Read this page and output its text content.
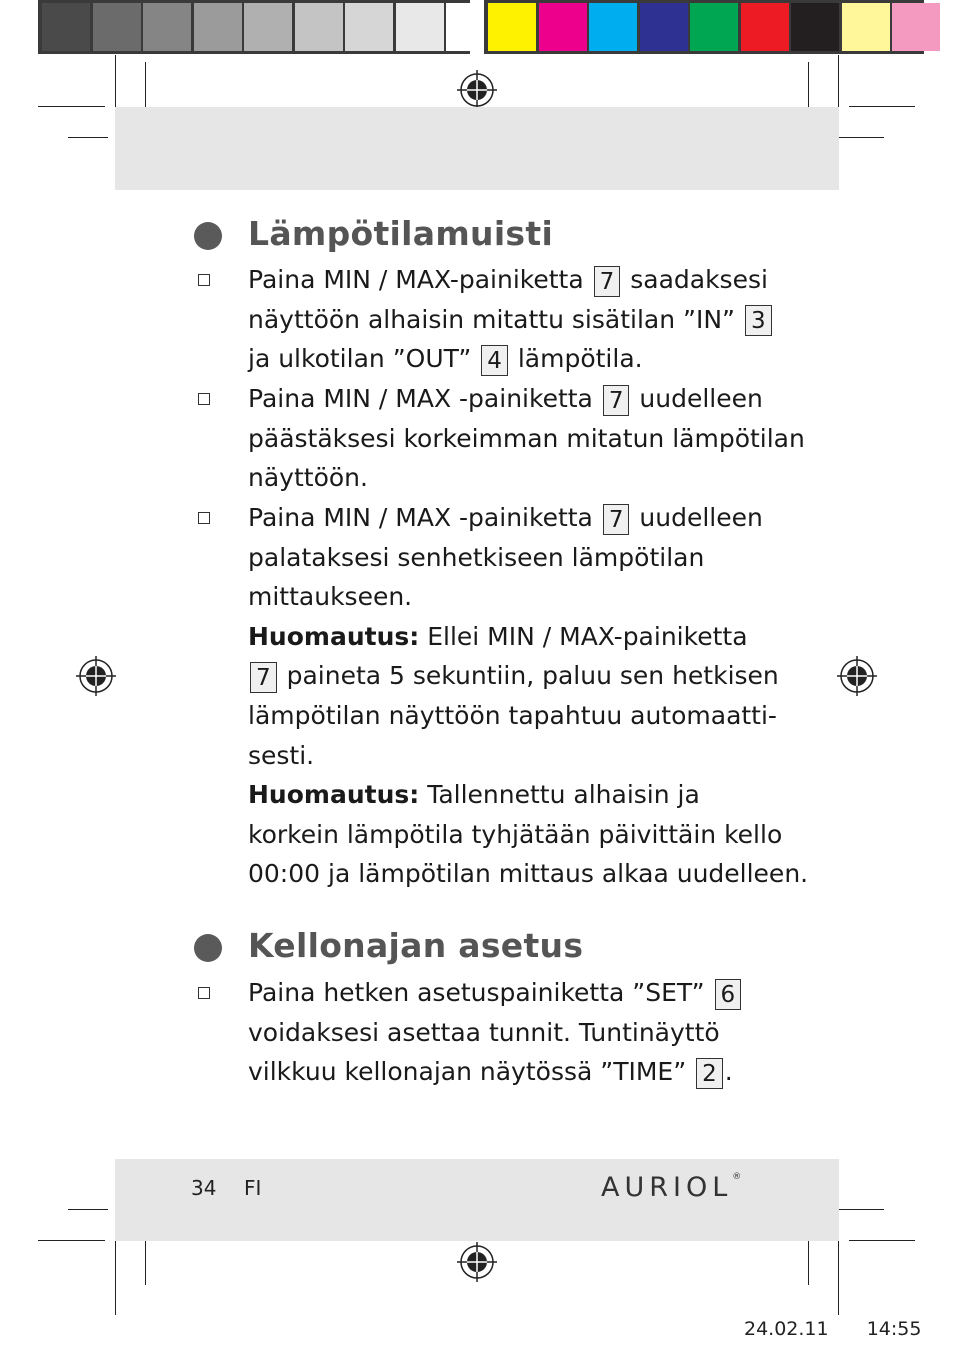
Lämpötilamuisti
Paina MIN / MAX-painiketta 7 saadaksesi
näyttöön alhaisin mitattu sisätilan ”IN” 3
ja ulkotilan ”OUT” 4 lämpötila.
Paina MIN / MAX -painiketta 7 uudelleen
päästäksesi korkeimman mitatun lämpötilan
näyttöön.
Paina MIN / MAX -painiketta 7 uudelleen
palataksesi senhetkiseen lämpötilan
mittaukseen.
Huomautus: Ellei MIN / MAX-painiketta
7 paineta 5 sekuntiin, paluu sen hetkisen
lämpötilan näyttöön tapahtuu automaatti-
sesti.
Huomautus: Tallennettu alhaisin ja
korkein lämpötila tyhjätään päivittäin kello
00:00 ja lämpötilan mittaus alkaa uudelleen.
Kellonajan asetus
Paina hetken asetuspainiketta ”SET” 6
voidaksesi asettaa tunnit. Tuntinäyttö
vilkkuu kellonajan näytössä ”TIME” 2 .
34 FI	AURIOL®
24.02.11 14:55
